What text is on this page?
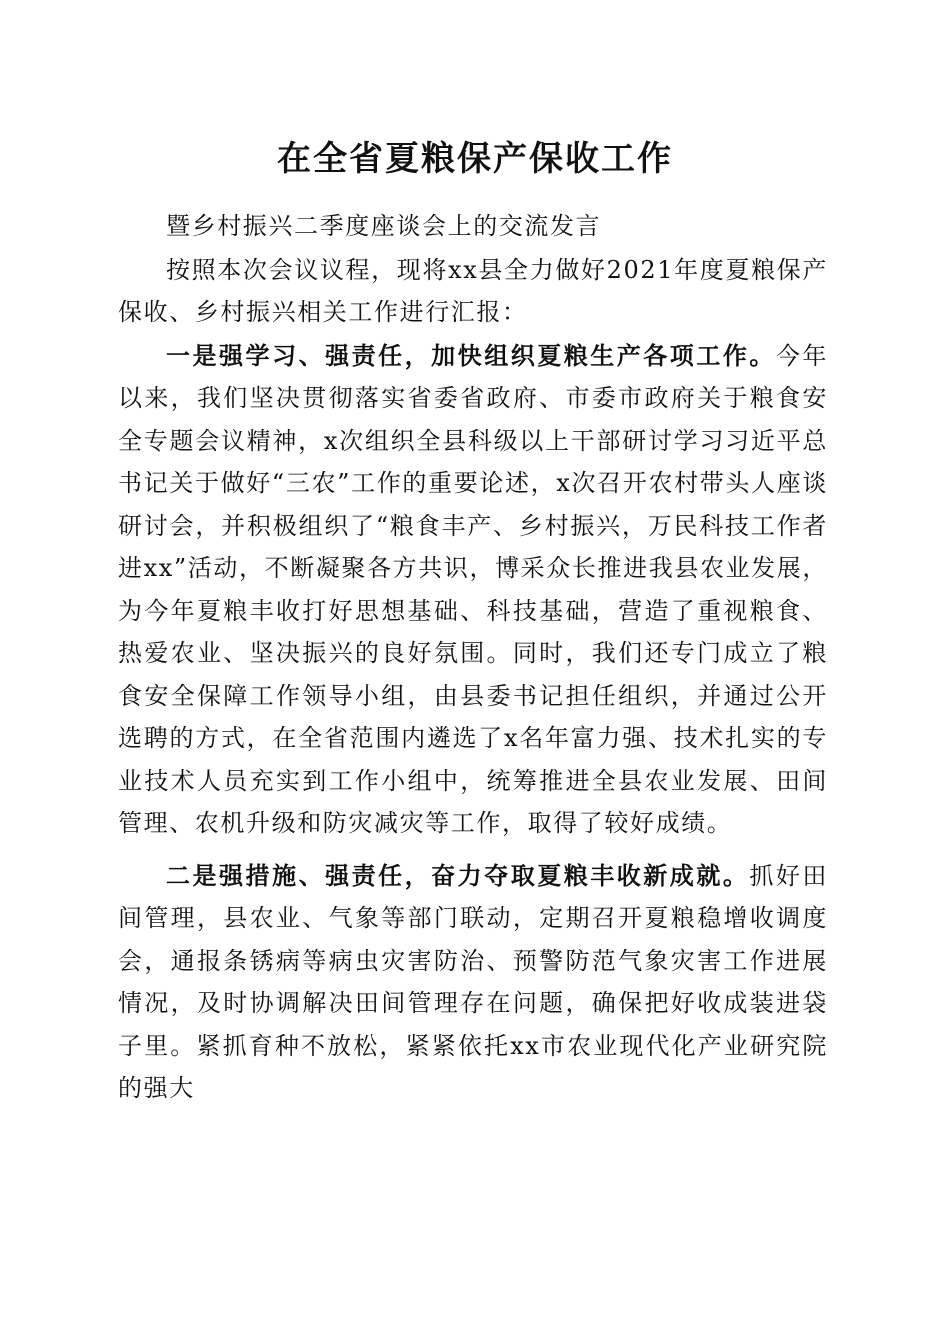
在全省夏粮保产保收工作

暨乡村振兴二季度座谈会上的交流发言

按照本次会议议程，现将xx县全力做好2021年度夏粮保产保收、乡村振兴相关工作进行汇报：

一是强学习、强责任，加快组织夏粮生产各项工作。今年以来，我们坚决贯彻落实省委省政府、市委市政府关于粮食安全专题会议精神，x次组织全县科级以上干部研讨学习习近平总书记关于做好“三农”工作的重要论述，x次召开农村带头人座谈研讨会，并积极组织了“粮食丰产、乡村振兴，万民科技工作者进xx”活动，不断凝聚各方共识，博采众长推进我县农业发展，为今年夏粮丰收打好思想基础、科技基础，营造了重视粮食、热爱农业、坚决振兴的良好氛围。同时，我们还专门成立了粮食安全保障工作领导小组，由县委书记担任组织，并通过公开选聘的方式，在全省范围内遴选了x名年富力强、技术扎实的专业技术人员充实到工作小组中，统筹推进全县农业发展、田间管理、农机升级和防灾减灾等工作，取得了较好成绩。

二是强措施、强责任，奋力夺取夏粮丰收新成就。抓好田间管理，县农业、气象等部门联动，定期召开夏粮稳增收调度会，通报条锈病等病虫灾害防治、预警防范气象灾害工作进展情况，及时协调解决田间管理存在问题，确保把好收成装进袋子里。紧抓育种不放松，紧紧依托xx市农业现代化产业研究院的强大
